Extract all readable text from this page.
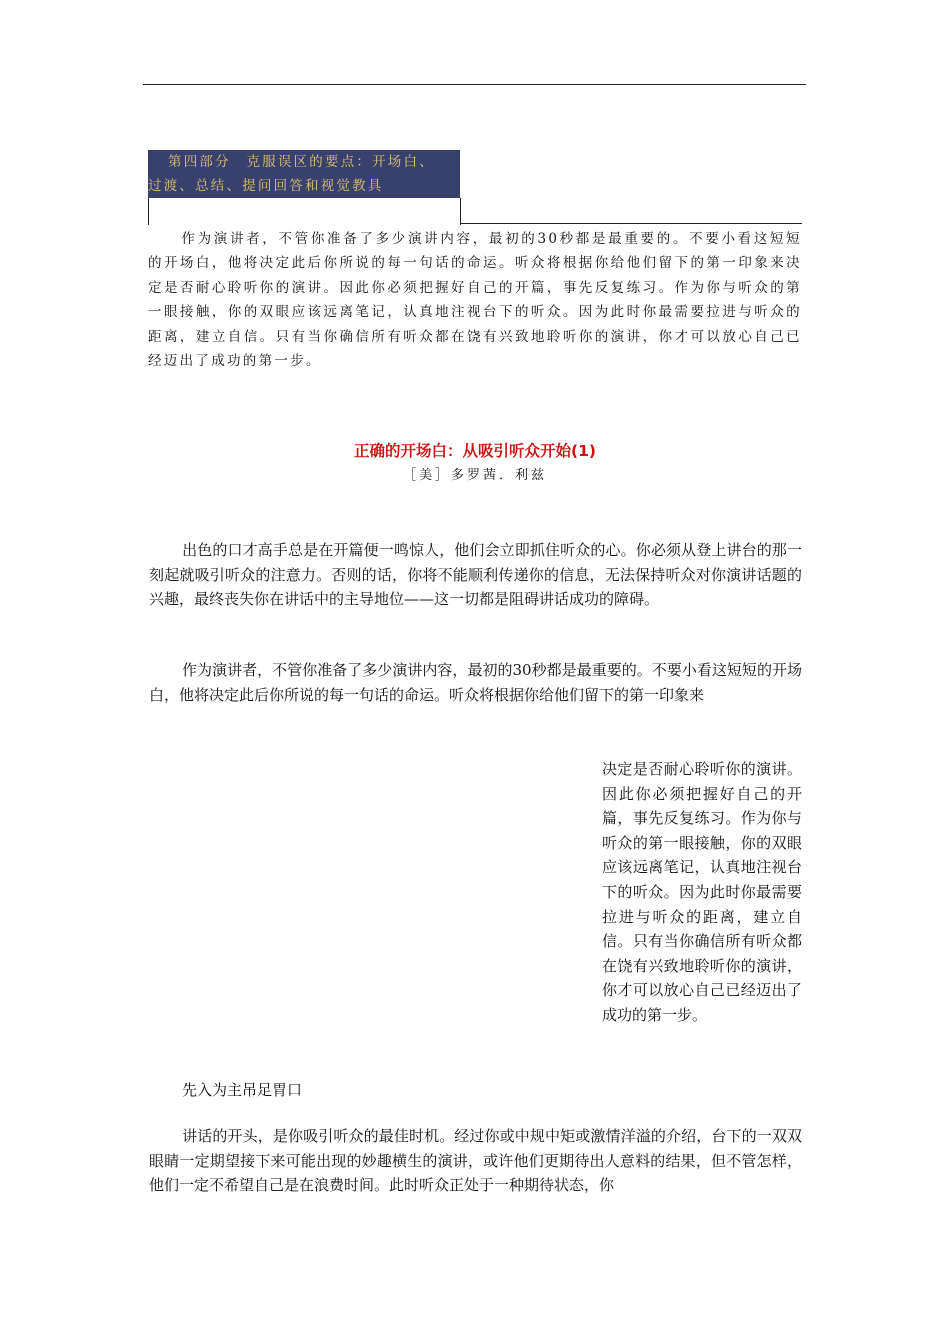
第四部分　克服误区的要点：开场白、
过渡、总结、提问回答和视觉教具

作为演讲者，不管你准备了多少演讲内容，最初的30秒都是最重要的。不要小看这短短的开场白，他将决定此后你所说的每一句话的命运。听众将根据你给他们留下的第一印象来决定是否耐心聆听你的演讲。因此你必须把握好自己的开篇，事先反复练习。作为你与听众的第一眼接触，你的双眼应该远离笔记，认真地注视台下的听众。因为此时你最需要拉进与听众的距离，建立自信。只有当你确信所有听众都在饶有兴致地聆听你的演讲，你才可以放心自己已经迈出了成功的第一步。

正确的开场白：从吸引听众开始(1)
［美］多罗茜．利兹

出色的口才高手总是在开篇便一鸣惊人，他们会立即抓住听众的心。你必须从登上讲台的那一刻起就吸引听众的注意力。否则的话，你将不能顺利传递你的信息，无法保持听众对你演讲话题的兴趣，最终丧失你在讲话中的主导地位——这一切都是阻碍讲话成功的障碍。

作为演讲者，不管你准备了多少演讲内容，最初的30秒都是最重要的。不要小看这短短的开场白，他将决定此后你所说的每一句话的命运。听众将根据你给他们留下的第一印象来

决定是否耐心聆听你的演讲。因此你必须把握好自己的开篇，事先反复练习。作为你与听众的第一眼接触，你的双眼应该远离笔记，认真地注视台下的听众。因为此时你最需要拉进与听众的距离，建立自信。只有当你确信所有听众都在饶有兴致地聆听你的演讲，你才可以放心自己已经迈出了成功的第一步。

先入为主吊足胃口

讲话的开头，是你吸引听众的最佳时机。经过你或中规中矩或激情洋溢的介绍，台下的一双双眼睛一定期望接下来可能出现的妙趣横生的演讲，或许他们更期待出人意料的结果，但不管怎样，他们一定不希望自己是在浪费时间。此时听众正处于一种期待状态，你
